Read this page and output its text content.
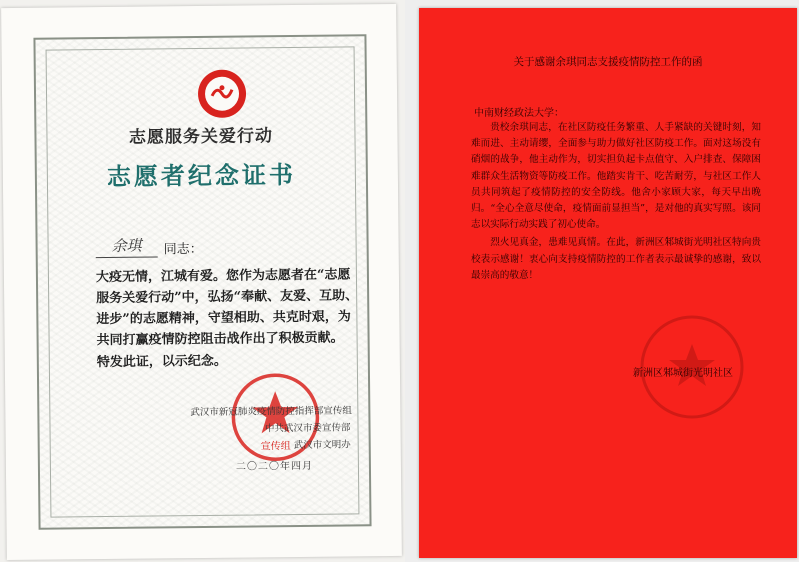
志愿服务关爱行动
志愿者纪念证书
余琪	同志：
大疫无情，江城有爱。您作为志愿者在“志愿服务关爱行动”中，弘扬“奉献、友爱、互助、进步”的志愿精神，守望相助、共克时艰，为共同打赢疫情防控阻击战作出了积极贡献。
特发此证，以示纪念。
宣传组
武汉市新冠肺炎疫情防控指挥部宣传组
中共武汉市委宣传部
武汉市文明办
二〇二〇年四月
关于感谢余琪同志支援疫情防控工作的函
中南财经政法大学：

贵校余琪同志，在社区防疫任务繁重、人手紧缺的关键时刻，知难而进、主动请缨，全面参与助力做好社区防疫工作。面对这场没有硝烟的战争，他主动作为，切实担负起卡点值守、入户排查、保障困难群众生活物资等防疫工作。他踏实肯干、吃苦耐劳，与社区工作人员共同筑起了疫情防控的安全防线。他舍小家顾大家，每天早出晚归。“全心全意尽使命，疫情面前显担当”，是对他的真实写照。该同志以实际行动实践了初心使命。

烈火见真金，患难见真情。在此，新洲区邾城街光明社区特向贵校表示感谢！衷心向支持疫情防控的工作者表示最诚挚的感谢，致以最崇高的敬意！

新洲区邾城街光明社区
